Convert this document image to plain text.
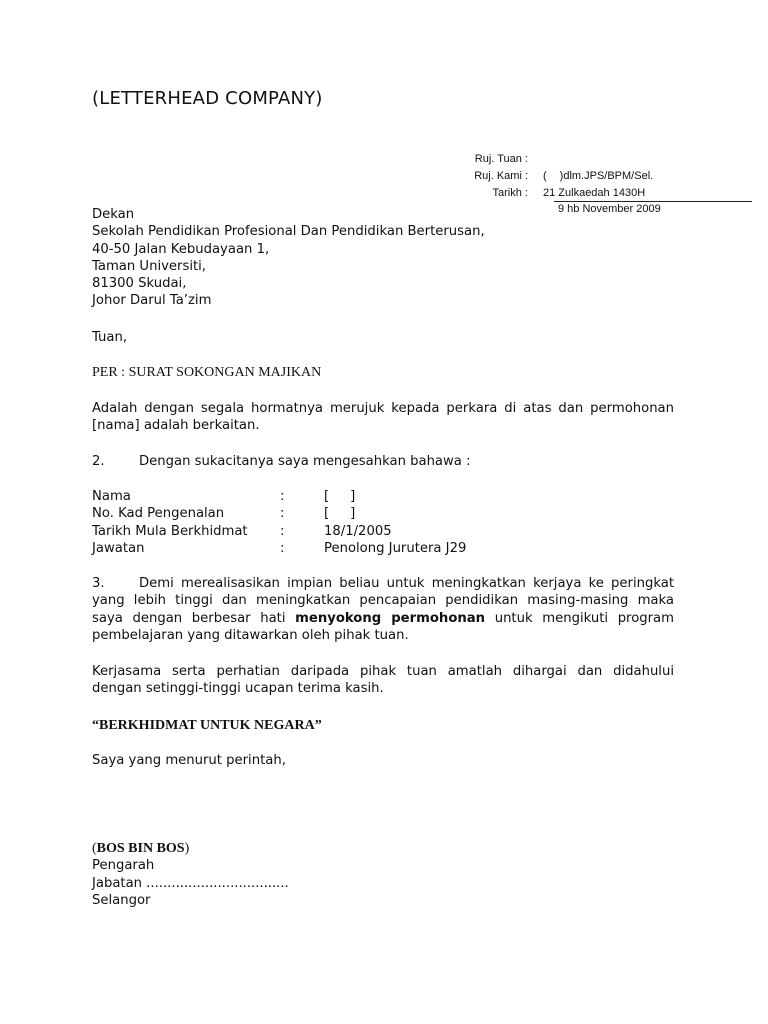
(LETTERHEAD COMPANY)
Ruj. Tuan :
Ruj. Kami :	( )dlm.JPS/BPM/Sel.
Tarikh :	21 Zulkaedah 1430H
9 hb November 2009
Dekan
Sekolah Pendidikan Profesional Dan Pendidikan Berterusan,
40-50 Jalan Kebudayaan 1,
Taman Universiti,
81300 Skudai,
Johor Darul Ta’zim
Tuan,
PER : SURAT SOKONGAN MAJIKAN
Adalah dengan segala hormatnya merujuk kepada perkara di atas dan permohonan
[nama] adalah berkaitan.
2.	Dengan sukacitanya saya mengesahkan bahawa :
Nama	:	[     ]
No. Kad Pengenalan	:	[     ]
Tarikh Mula Berkhidmat	:	18/1/2005
Jawatan	:	Penolong Jurutera J29
3.	Demi merealisasikan impian beliau untuk meningkatkan kerjaya ke peringkat
yang lebih tinggi dan meningkatkan pencapaian pendidikan masing-masing maka
saya dengan berbesar hati menyokong permohonan untuk mengikuti program
pembelajaran yang ditawarkan oleh pihak tuan.
Kerjasama serta perhatian daripada pihak tuan amatlah dihargai dan didahului
dengan setinggi-tinggi ucapan terima kasih.
“BERKHIDMAT UNTUK NEGARA”
Saya yang menurut perintah,
(BOS BIN BOS)
Pengarah
Jabatan ..................................
Selangor
